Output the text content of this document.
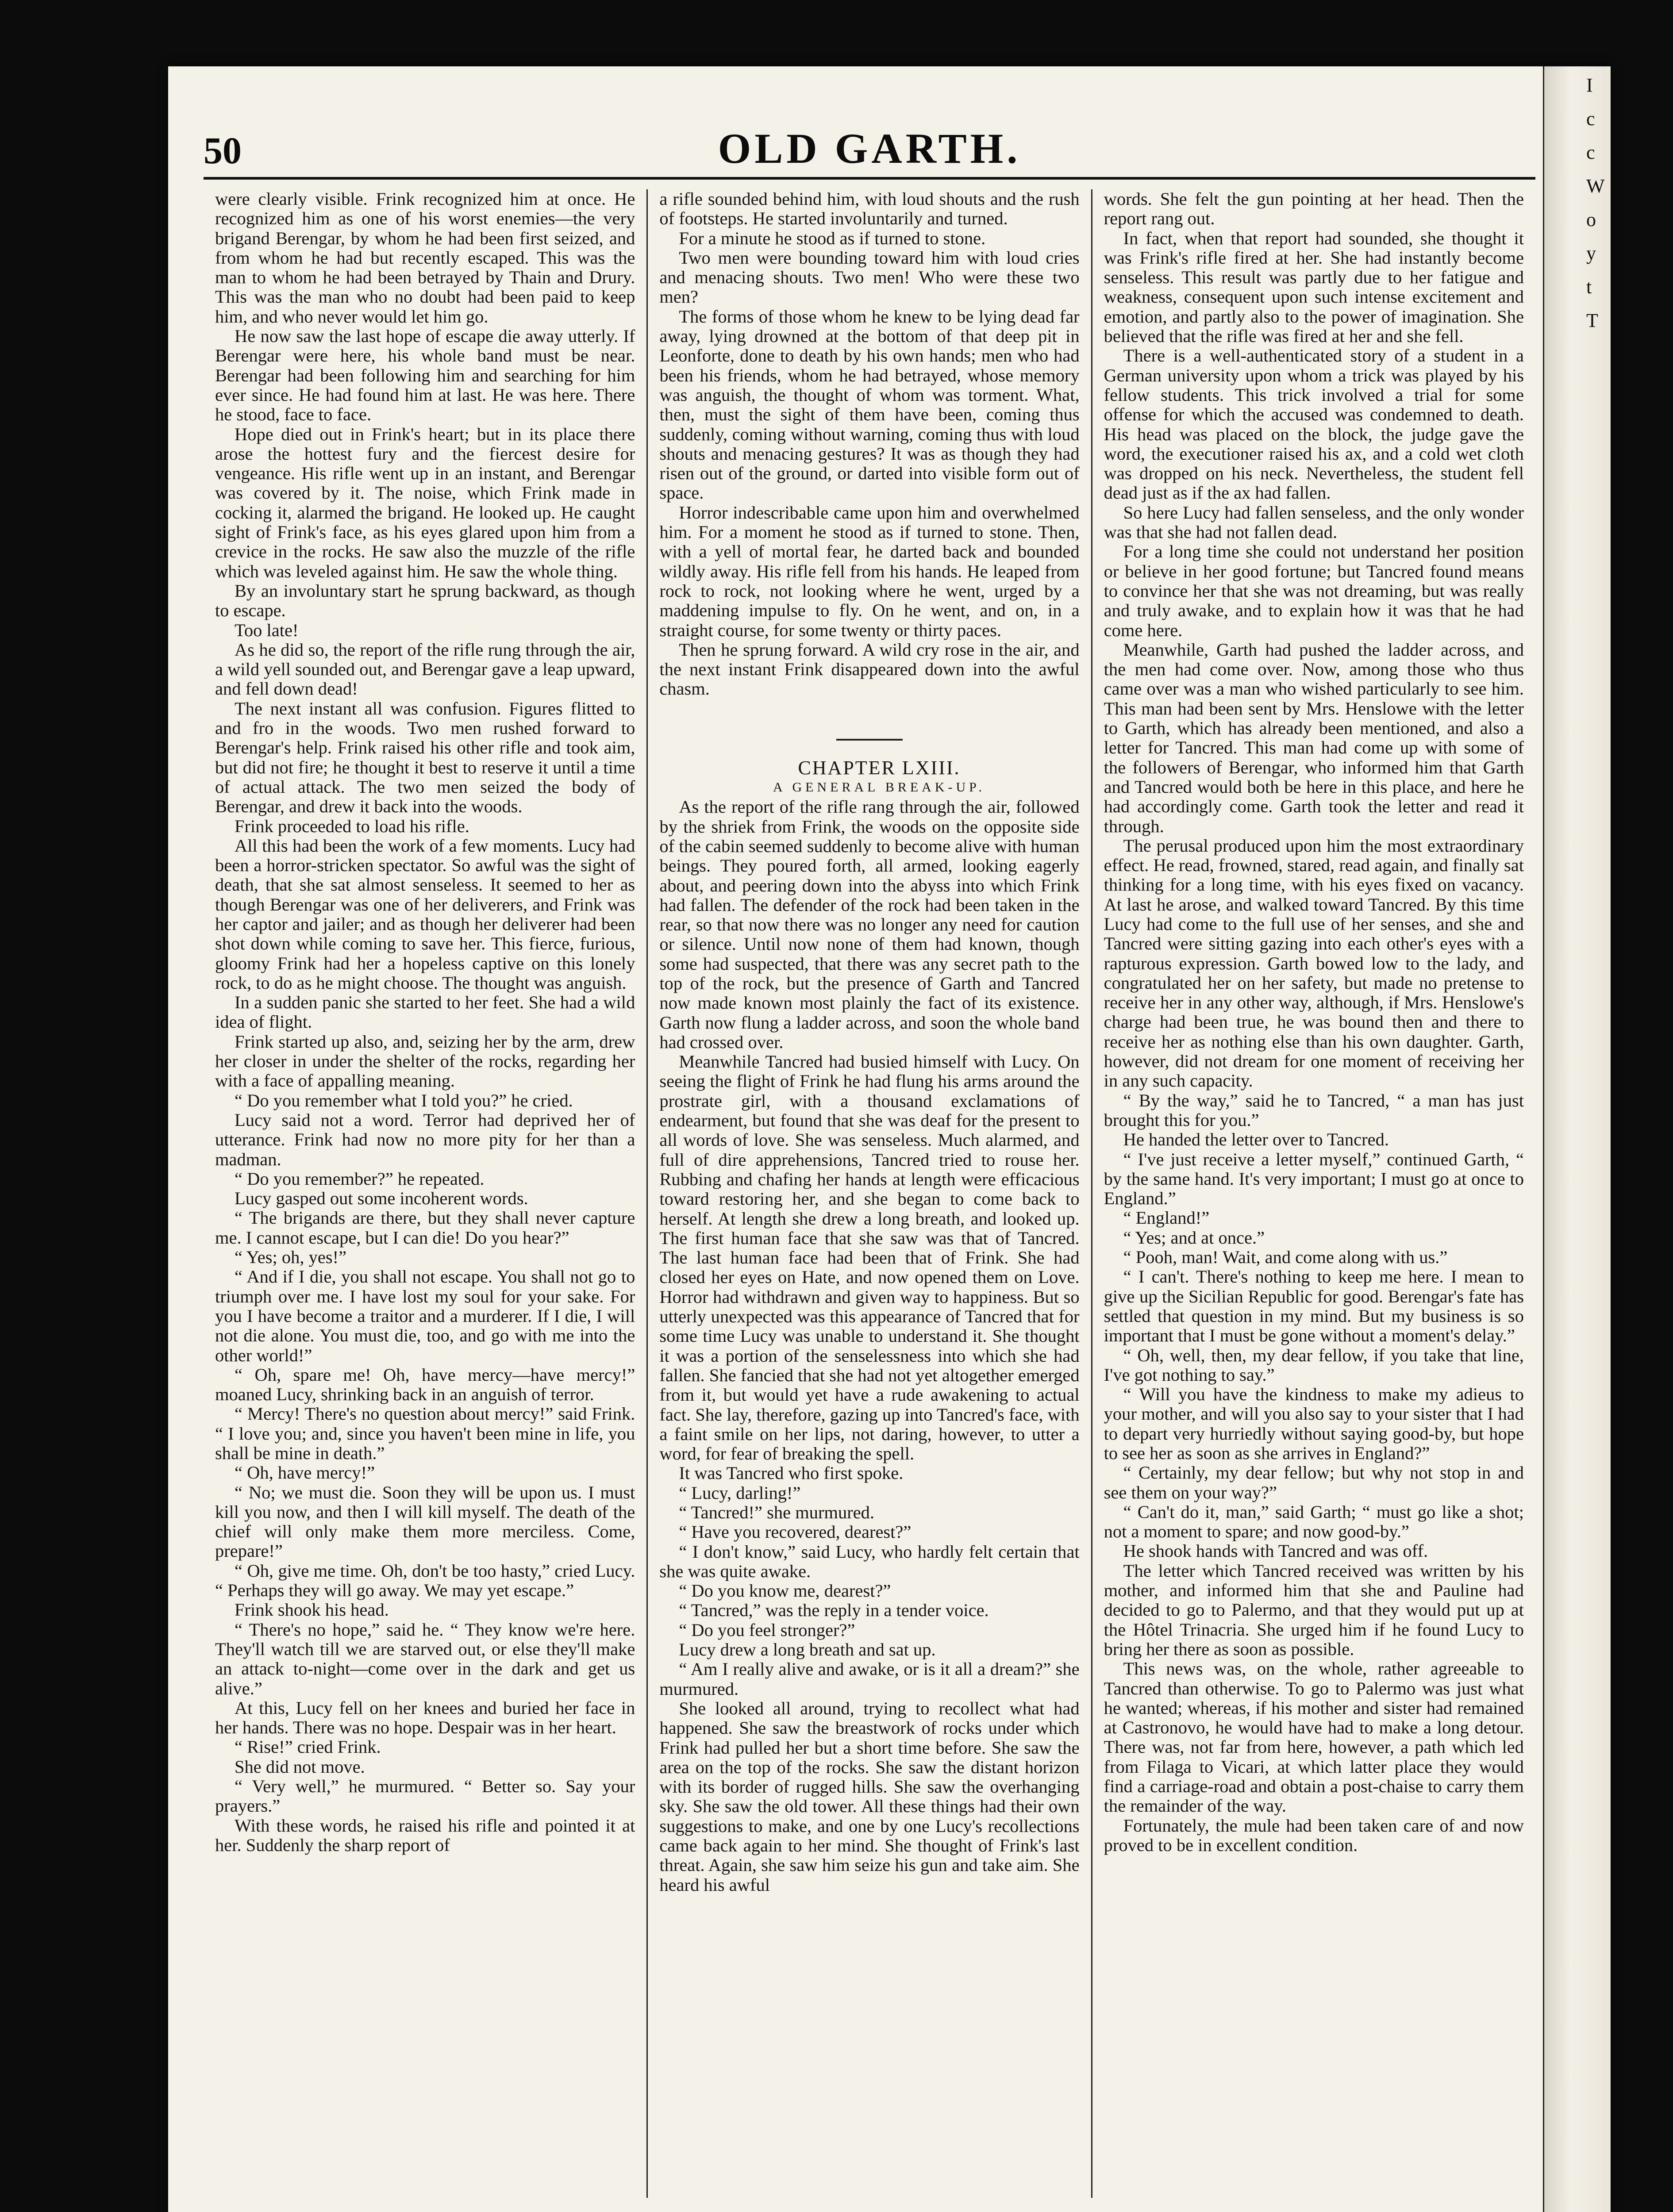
50	OLD GARTH.

were clearly visible. Frink recognized him at once. He recognized him as one of his worst enemies—the very brigand Berengar, by whom he had been first seized, and from whom he had but recently escaped. This was the man to whom he had been betrayed by Thain and Drury. This was the man who no doubt had been paid to keep him, and who never would let him go.

He now saw the last hope of escape die away utterly. If Berengar were here, his whole band must be near. Berengar had been following him and searching for him ever since. He had found him at last. He was here. There he stood, face to face.

Hope died out in Frink's heart; but in its place there arose the hottest fury and the fiercest desire for vengeance. His rifle went up in an instant, and Berengar was covered by it. The noise, which Frink made in cocking it, alarmed the brigand. He looked up. He caught sight of Frink's face, as his eyes glared upon him from a crevice in the rocks. He saw also the muzzle of the rifle which was leveled against him. He saw the whole thing.

By an involuntary start he sprung backward, as though to escape.

Too late!

As he did so, the report of the rifle rung through the air, a wild yell sounded out, and Berengar gave a leap upward, and fell down dead!

The next instant all was confusion. Figures flitted to and fro in the woods. Two men rushed forward to Berengar's help. Frink raised his other rifle and took aim, but did not fire; he thought it best to reserve it until a time of actual attack. The two men seized the body of Berengar, and drew it back into the woods.

Frink proceeded to load his rifle.

All this had been the work of a few moments. Lucy had been a horror-stricken spectator. So awful was the sight of death, that she sat almost senseless. It seemed to her as though Berengar was one of her deliverers, and Frink was her captor and jailer; and as though her deliverer had been shot down while coming to save her. This fierce, furious, gloomy Frink had her a hopeless captive on this lonely rock, to do as he might choose. The thought was anguish.

In a sudden panic she started to her feet. She had a wild idea of flight.

Frink started up also, and, seizing her by the arm, drew her closer in under the shelter of the rocks, regarding her with a face of appalling meaning.

“ Do you remember what I told you?” he cried.

Lucy said not a word. Terror had deprived her of utterance. Frink had now no more pity for her than a madman.

“ Do you remember?” he repeated.

Lucy gasped out some incoherent words.

“ The brigands are there, but they shall never capture me. I cannot escape, but I can die! Do you hear?”

“ Yes; oh, yes!”

“ And if I die, you shall not escape. You shall not go to triumph over me. I have lost my soul for your sake. For you I have become a traitor and a murderer. If I die, I will not die alone. You must die, too, and go with me into the other world!”

“ Oh, spare me! Oh, have mercy—have mercy!” moaned Lucy, shrinking back in an anguish of terror.

“ Mercy! There's no question about mercy!” said Frink. “ I love you; and, since you haven't been mine in life, you shall be mine in death.”

“ Oh, have mercy!”

“ No; we must die. Soon they will be upon us. I must kill you now, and then I will kill myself. The death of the chief will only make them more merciless. Come, prepare!”

“ Oh, give me time. Oh, don't be too hasty,” cried Lucy. “ Perhaps they will go away. We may yet escape.”

Frink shook his head.

“ There's no hope,” said he. “ They know we're here. They'll watch till we are starved out, or else they'll make an attack to-night—come over in the dark and get us alive.”

At this, Lucy fell on her knees and buried her face in her hands. There was no hope. Despair was in her heart.

“ Rise!” cried Frink.

She did not move.

“ Very well,” he murmured. “ Better so. Say your prayers.”

With these words, he raised his rifle and pointed it at her. Suddenly the sharp report of

a rifle sounded behind him, with loud shouts and the rush of footsteps. He started involuntarily and turned.

For a minute he stood as if turned to stone.

Two men were bounding toward him with loud cries and menacing shouts. Two men! Who were these two men?

The forms of those whom he knew to be lying dead far away, lying drowned at the bottom of that deep pit in Leonforte, done to death by his own hands; men who had been his friends, whom he had betrayed, whose memory was anguish, the thought of whom was torment. What, then, must the sight of them have been, coming thus suddenly, coming without warning, coming thus with loud shouts and menacing gestures? It was as though they had risen out of the ground, or darted into visible form out of space.

Horror indescribable came upon him and overwhelmed him. For a moment he stood as if turned to stone. Then, with a yell of mortal fear, he darted back and bounded wildly away. His rifle fell from his hands. He leaped from rock to rock, not looking where he went, urged by a maddening impulse to fly. On he went, and on, in a straight course, for some twenty or thirty paces.

Then he sprung forward. A wild cry rose in the air, and the next instant Frink disappeared down into the awful chasm.

CHAPTER LXIII.

A GENERAL BREAK-UP.

As the report of the rifle rang through the air, followed by the shriek from Frink, the woods on the opposite side of the cabin seemed suddenly to become alive with human beings. They poured forth, all armed, looking eagerly about, and peering down into the abyss into which Frink had fallen. The defender of the rock had been taken in the rear, so that now there was no longer any need for caution or silence. Until now none of them had known, though some had suspected, that there was any secret path to the top of the rock, but the presence of Garth and Tancred now made known most plainly the fact of its existence. Garth now flung a ladder across, and soon the whole band had crossed over.

Meanwhile Tancred had busied himself with Lucy. On seeing the flight of Frink he had flung his arms around the prostrate girl, with a thousand exclamations of endearment, but found that she was deaf for the present to all words of love. She was senseless. Much alarmed, and full of dire apprehensions, Tancred tried to rouse her. Rubbing and chafing her hands at length were efficacious toward restoring her, and she began to come back to herself. At length she drew a long breath, and looked up. The first human face that she saw was that of Tancred. The last human face had been that of Frink. She had closed her eyes on Hate, and now opened them on Love. Horror had withdrawn and given way to happiness. But so utterly unexpected was this appearance of Tancred that for some time Lucy was unable to understand it. She thought it was a portion of the senselessness into which she had fallen. She fancied that she had not yet altogether emerged from it, but would yet have a rude awakening to actual fact. She lay, therefore, gazing up into Tancred's face, with a faint smile on her lips, not daring, however, to utter a word, for fear of breaking the spell.

It was Tancred who first spoke.

“ Lucy, darling!”

“ Tancred!” she murmured.

“ Have you recovered, dearest?”

“ I don't know,” said Lucy, who hardly felt certain that she was quite awake.

“ Do you know me, dearest?”

“ Tancred,” was the reply in a tender voice.

“ Do you feel stronger?”

Lucy drew a long breath and sat up.

“ Am I really alive and awake, or is it all a dream?” she murmured.

She looked all around, trying to recollect what had happened. She saw the breastwork of rocks under which Frink had pulled her but a short time before. She saw the area on the top of the rocks. She saw the distant horizon with its border of rugged hills. She saw the overhanging sky. She saw the old tower. All these things had their own suggestions to make, and one by one Lucy's recollections came back again to her mind. She thought of Frink's last threat. Again, she saw him seize his gun and take aim. She heard his awful

words. She felt the gun pointing at her head. Then the report rang out.

In fact, when that report had sounded, she thought it was Frink's rifle fired at her. She had instantly become senseless. This result was partly due to her fatigue and weakness, consequent upon such intense excitement and emotion, and partly also to the power of imagination. She believed that the rifle was fired at her and she fell.

There is a well-authenticated story of a student in a German university upon whom a trick was played by his fellow students. This trick involved a trial for some offense for which the accused was condemned to death. His head was placed on the block, the judge gave the word, the executioner raised his ax, and a cold wet cloth was dropped on his neck. Nevertheless, the student fell dead just as if the ax had fallen.

So here Lucy had fallen senseless, and the only wonder was that she had not fallen dead.

For a long time she could not understand her position or believe in her good fortune; but Tancred found means to convince her that she was not dreaming, but was really and truly awake, and to explain how it was that he had come here.

Meanwhile, Garth had pushed the ladder across, and the men had come over. Now, among those who thus came over was a man who wished particularly to see him. This man had been sent by Mrs. Henslowe with the letter to Garth, which has already been mentioned, and also a letter for Tancred. This man had come up with some of the followers of Berengar, who informed him that Garth and Tancred would both be here in this place, and here he had accordingly come. Garth took the letter and read it through.

The perusal produced upon him the most extraordinary effect. He read, frowned, stared, read again, and finally sat thinking for a long time, with his eyes fixed on vacancy. At last he arose, and walked toward Tancred. By this time Lucy had come to the full use of her senses, and she and Tancred were sitting gazing into each other's eyes with a rapturous expression. Garth bowed low to the lady, and congratulated her on her safety, but made no pretense to receive her in any other way, although, if Mrs. Henslowe's charge had been true, he was bound then and there to receive her as nothing else than his own daughter. Garth, however, did not dream for one moment of receiving her in any such capacity.

“ By the way,” said he to Tancred, “ a man has just brought this for you.”

He handed the letter over to Tancred.

“ I've just receive a letter myself,” continued Garth, “ by the same hand. It's very important; I must go at once to England.”

“ England!”

“ Yes; and at once.”

“ Pooh, man! Wait, and come along with us.”

“ I can't. There's nothing to keep me here. I mean to give up the Sicilian Republic for good. Berengar's fate has settled that question in my mind. But my business is so important that I must be gone without a moment's delay.”

“ Oh, well, then, my dear fellow, if you take that line, I've got nothing to say.”

“ Will you have the kindness to make my adieus to your mother, and will you also say to your sister that I had to depart very hurriedly without saying good-by, but hope to see her as soon as she arrives in England?”

“ Certainly, my dear fellow; but why not stop in and see them on your way?”

“ Can't do it, man,” said Garth; “ must go like a shot; not a moment to spare; and now good-by.”

He shook hands with Tancred and was off.

The letter which Tancred received was written by his mother, and informed him that she and Pauline had decided to go to Palermo, and that they would put up at the Hôtel Trinacria. She urged him if he found Lucy to bring her there as soon as possible.

This news was, on the whole, rather agreeable to Tancred than otherwise. To go to Palermo was just what he wanted; whereas, if his mother and sister had remained at Castronovo, he would have had to make a long detour. There was, not far from here, however, a path which led from Filaga to Vicari, at which latter place they would find a carriage-road and obtain a post-chaise to carry them the remainder of the way.

Fortunately, the mule had been taken care of and now proved to be in excellent condition.

I
c
c
W
o
y
t
T
